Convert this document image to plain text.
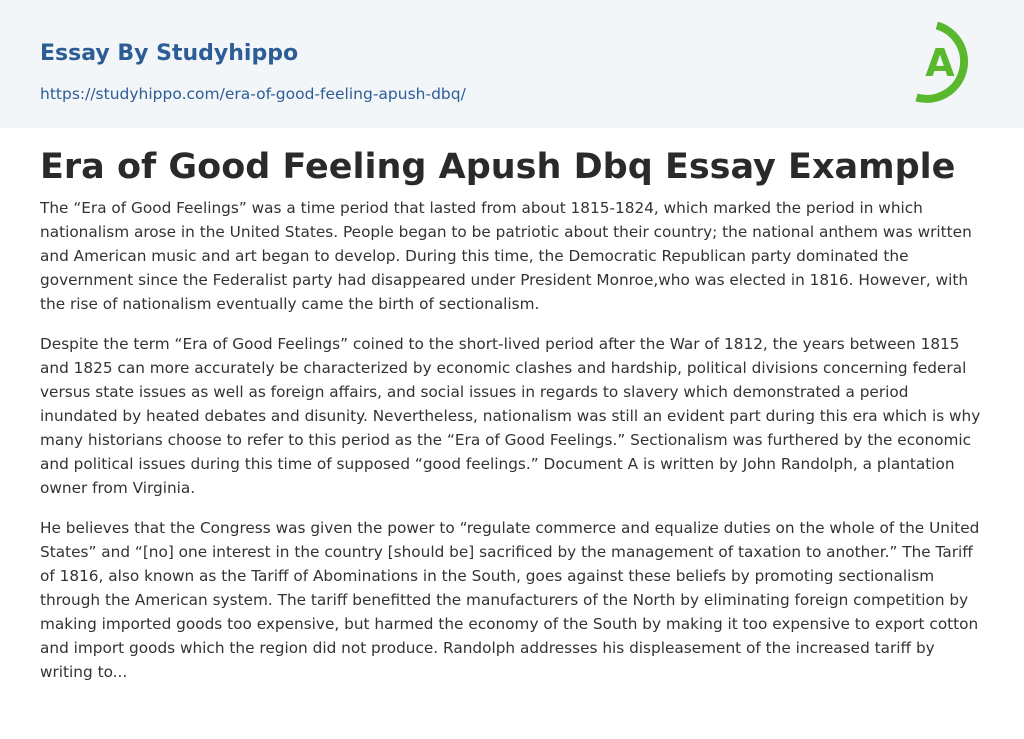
Essay By Studyhippo
https://studyhippo.com/era-of-good-feeling-apush-dbq/
A
Era of Good Feeling Apush Dbq Essay Example

The “Era of Good Feelings” was a time period that lasted from about 1815-1824, which marked the period in which nationalism arose in the United States. People began to be patriotic about their country; the national anthem was written and American music and art began to develop. During this time, the Democratic Republican party dominated the government since the Federalist party had disappeared under President Monroe,who was elected in 1816. However, with the rise of nationalism eventually came the birth of sectionalism.

Despite the term “Era of Good Feelings” coined to the short-lived period after the War of 1812, the years between 1815 and 1825 can more accurately be characterized by economic clashes and hardship, political divisions concerning federal versus state issues as well as foreign affairs, and social issues in regards to slavery which demonstrated a period inundated by heated debates and disunity. Nevertheless, nationalism was still an evident part during this era which is why many historians choose to refer to this period as the “Era of Good Feelings.” Sectionalism was furthered by the economic and political issues during this time of supposed “good feelings.” Document A is written by John Randolph, a plantation owner from Virginia.

He believes that the Congress was given the power to “regulate commerce and equalize duties on the whole of the United States” and “[no] one interest in the country [should be] sacrificed by the management of taxation to another.” The Tariff of 1816, also known as the Tariff of Abominations in the South, goes against these beliefs by promoting sectionalism through the American system. The tariff benefitted the manufacturers of the North by eliminating foreign competition by making imported goods too expensive, but harmed the economy of the South by making it too expensive to export cotton and import goods which the region did not produce. Randolph addresses his displeasement of the increased tariff by writing to...
